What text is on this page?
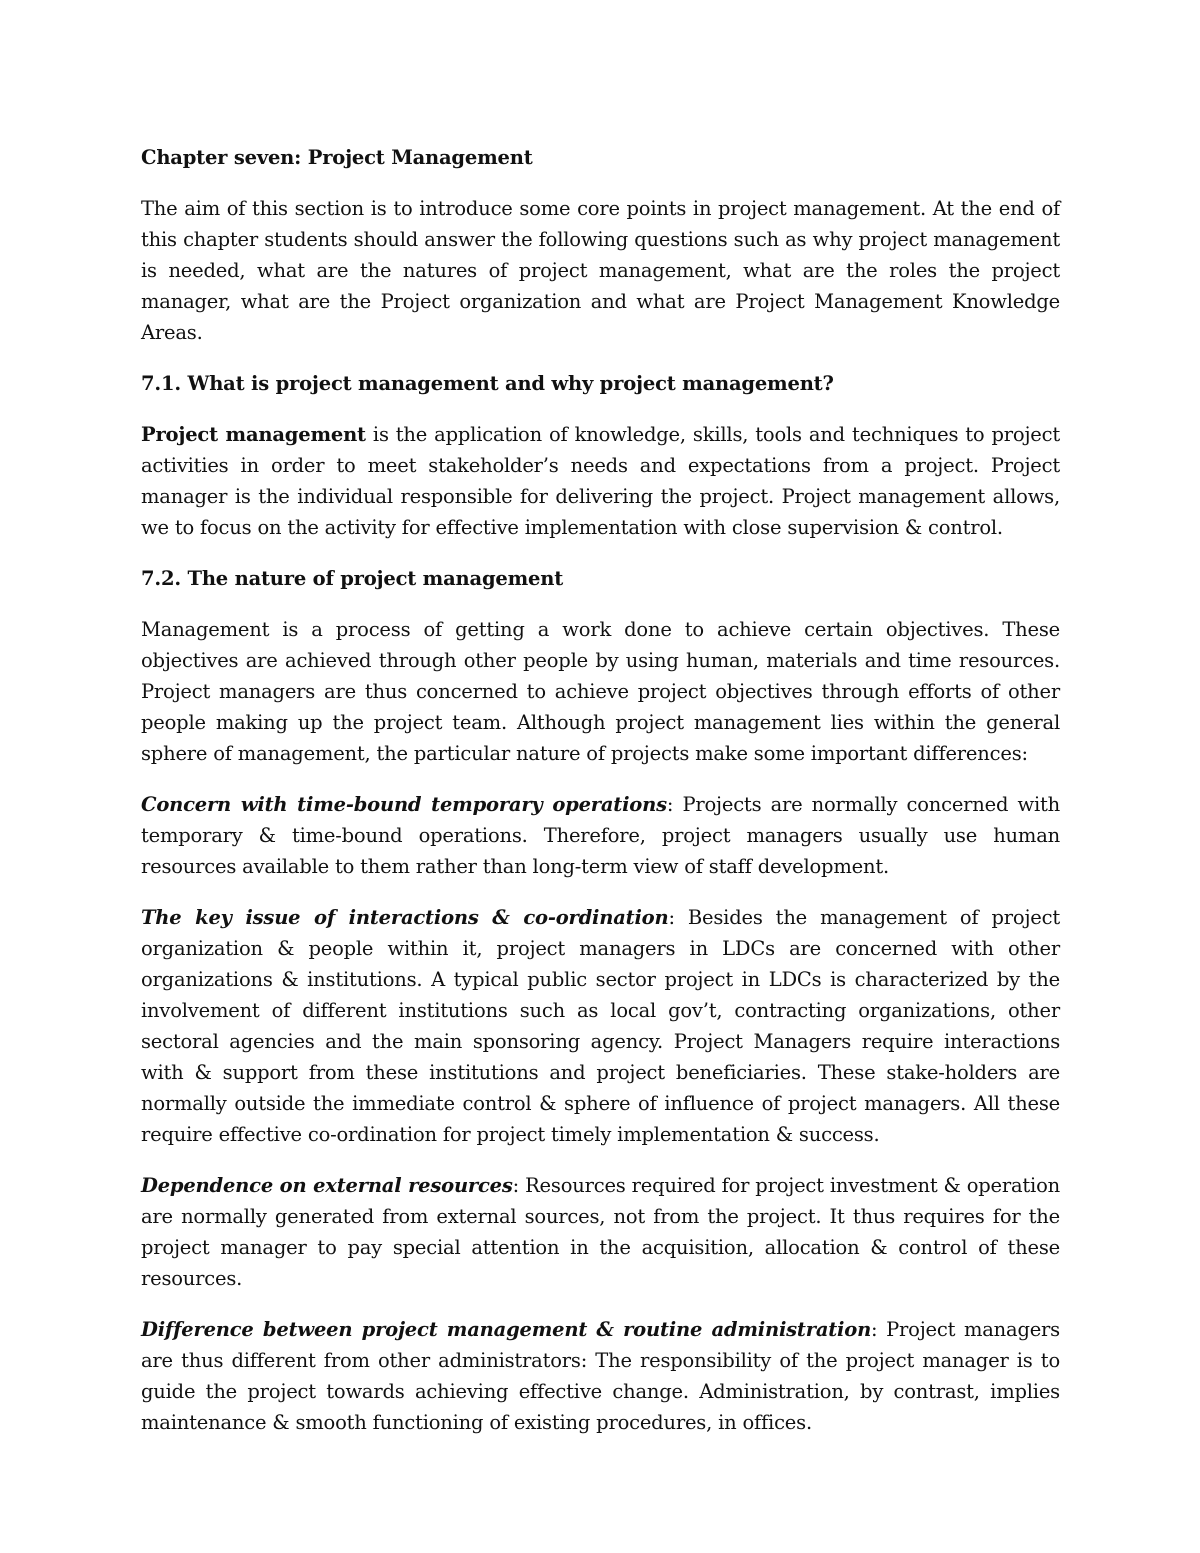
Chapter seven: Project Management

The aim of this section is to introduce some core points in project management. At the end of this chapter students should answer the following questions such as why project management is needed, what are the natures of project management, what are the roles the project manager, what are the Project organization and what are Project Management Knowledge Areas.

7.1. What is project management and why project management?

Project management is the application of knowledge, skills, tools and techniques to project activities in order to meet stakeholder’s needs and expectations from a project. Project manager is the individual responsible for delivering the project. Project management allows, we to focus on the activity for effective implementation with close supervision & control.

7.2. The nature of project management

Management is a process of getting a work done to achieve certain objectives. These objectives are achieved through other people by using human, materials and time resources. Project managers are thus concerned to achieve project objectives through efforts of other people making up the project team. Although project management lies within the general sphere of management, the particular nature of projects make some important differences:

Concern with time-bound temporary operations: Projects are normally concerned with temporary & time-bound operations. Therefore, project managers usually use human resources available to them rather than long-term view of staff development.

The key issue of interactions & co-ordination: Besides the management of project organization & people within it, project managers in LDCs are concerned with other organizations & institutions. A typical public sector project in LDCs is characterized by the involvement of different institutions such as local gov’t, contracting organizations, other sectoral agencies and the main sponsoring agency. Project Managers require interactions with & support from these institutions and project beneficiaries. These stake-holders are normally outside the immediate control & sphere of influence of project managers. All these require effective co-ordination for project timely implementation & success.

Dependence on external resources: Resources required for project investment & operation are normally generated from external sources, not from the project. It thus requires for the project manager to pay special attention in the acquisition, allocation & control of these resources.

Difference between project management & routine administration: Project managers are thus different from other administrators: The responsibility of the project manager is to guide the project towards achieving effective change. Administration, by contrast, implies maintenance & smooth functioning of existing procedures, in offices.
